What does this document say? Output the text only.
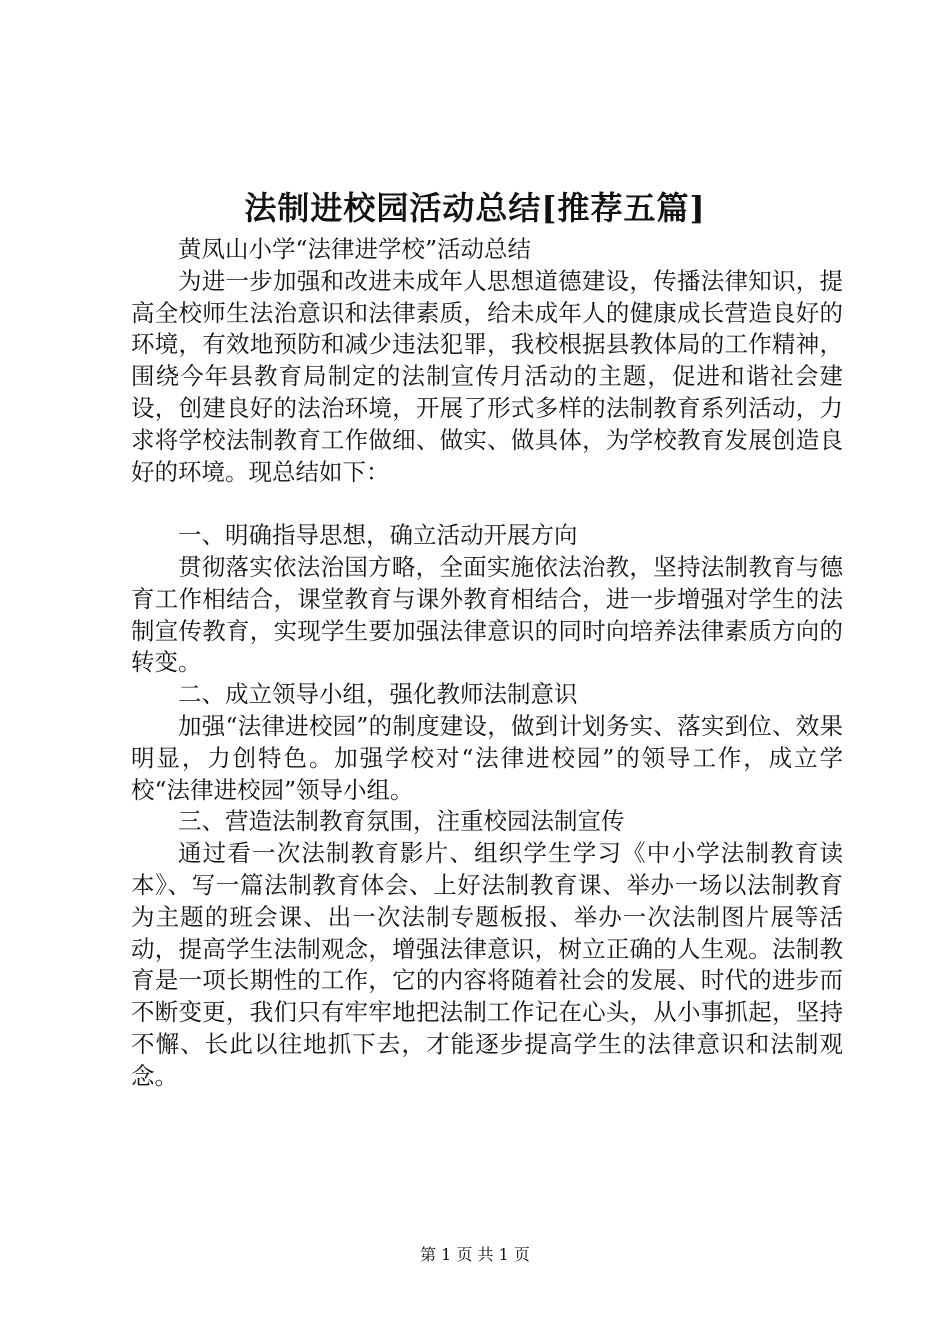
法制进校园活动总结[推荐五篇]

黄凤山小学“法律进学校”活动总结

为进一步加强和改进未成年人思想道德建设，传播法律知识，提高全校师生法治意识和法律素质，给未成年人的健康成长营造良好的环境，有效地预防和减少违法犯罪，我校根据县教体局的工作精神，围绕今年县教育局制定的法制宣传月活动的主题，促进和谐社会建设，创建良好的法治环境，开展了形式多样的法制教育系列活动，力求将学校法制教育工作做细、做实、做具体，为学校教育发展创造良好的环境。现总结如下：

一、明确指导思想，确立活动开展方向

贯彻落实依法治国方略，全面实施依法治教，坚持法制教育与德育工作相结合，课堂教育与课外教育相结合，进一步增强对学生的法制宣传教育，实现学生要加强法律意识的同时向培养法律素质方向的转变。

二、成立领导小组，强化教师法制意识

加强“法律进校园”的制度建设，做到计划务实、落实到位、效果明显，力创特色。加强学校对“法律进校园”的领导工作，成立学校“法律进校园”领导小组。

三、营造法制教育氛围，注重校园法制宣传

通过看一次法制教育影片、组织学生学习《中小学法制教育读本》、写一篇法制教育体会、上好法制教育课、举办一场以法制教育为主题的班会课、出一次法制专题板报、举办一次法制图片展等活动，提高学生法制观念，增强法律意识，树立正确的人生观。法制教育是一项长期性的工作，它的内容将随着社会的发展、时代的进步而不断变更，我们只有牢牢地把法制工作记在心头，从小事抓起，坚持不懈、长此以往地抓下去，才能逐步提高学生的法律意识和法制观念。

第 1 页 共 1 页
